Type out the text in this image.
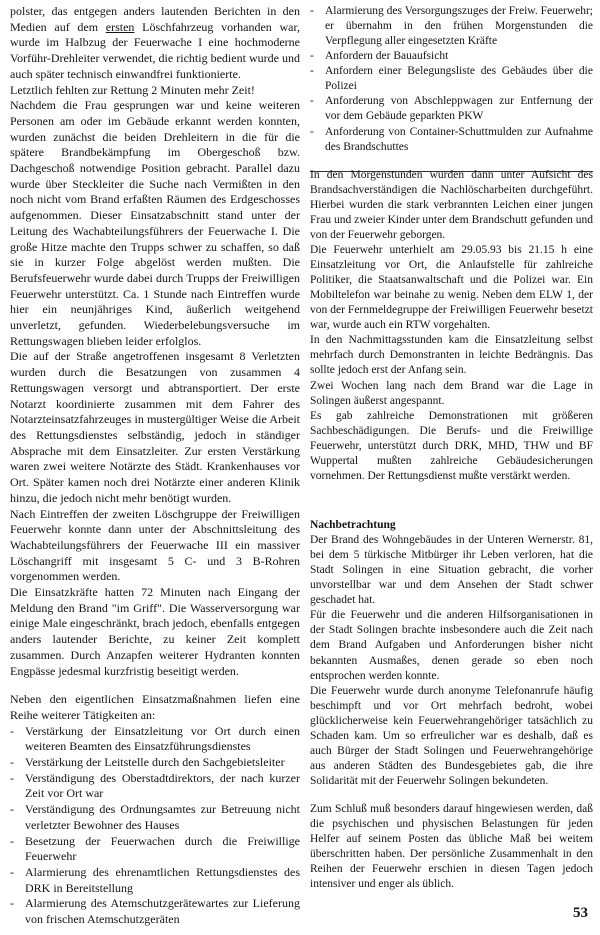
polster, das entgegen anders lautenden Berichten in den Medien auf dem ersten Löschfahrzeug vorhanden war, wurde im Halbzug der Feuerwache I eine hochmoderne Vorführ-Drehleiter verwendet, die richtig bedient wurde und auch später technisch einwandfrei funktionierte.

Letztlich fehlten zur Rettung 2 Minuten mehr Zeit!

Nachdem die Frau gesprungen war und keine weiteren Personen am oder im Gebäude erkannt werden konnten, wurden zunächst die beiden Drehleitern in die für die spätere Brandbekämpfung im Obergeschoß bzw. Dachgeschoß notwendige Position gebracht. Parallel dazu wurde über Steckleiter die Suche nach Vermißten in den noch nicht vom Brand erfaßten Räumen des Erdgeschosses aufgenommen. Dieser Einsatzabschnitt stand unter der Leitung des Wachabteilungsführers der Feuerwache I. Die große Hitze machte den Trupps schwer zu schaffen, so daß sie in kurzer Folge abgelöst werden mußten. Die Berufsfeuerwehr wurde dabei durch Trupps der Freiwilligen Feuerwehr unterstützt. Ca. 1 Stunde nach Eintreffen wurde hier ein neunjähriges Kind, äußerlich weitgehend unverletzt, gefunden. Wiederbelebungsversuche im Rettungswagen blieben leider erfolglos.

Die auf der Straße angetroffenen insgesamt 8 Verletzten wurden durch die Besatzungen von zusammen 4 Rettungswagen versorgt und abtransportiert. Der erste Notarzt koordinierte zusammen mit dem Fahrer des Notarzteinsatzfahrzeuges in mustergültiger Weise die Arbeit des Rettungsdienstes selbständig, jedoch in ständiger Absprache mit dem Einsatzleiter. Zur ersten Verstärkung waren zwei weitere Notärzte des Städt. Krankenhauses vor Ort. Später kamen noch drei Notärzte einer anderen Klinik hinzu, die jedoch nicht mehr benötigt wurden.

Nach Eintreffen der zweiten Löschgruppe der Freiwilligen Feuerwehr konnte dann unter der Abschnittsleitung des Wachabteilungsführers der Feuerwache III ein massiver Löschangriff mit insgesamt 5 C- und 3 B-Rohren vorgenommen werden.

Die Einsatzkräfte hatten 72 Minuten nach Eingang der Meldung den Brand "im Griff". Die Wasserversorgung war einige Male eingeschränkt, brach jedoch, ebenfalls entgegen anders lautender Berichte, zu keiner Zeit komplett zusammen. Durch Anzapfen weiterer Hydranten konnten Engpässe jedesmal kurzfristig beseitigt werden.

Neben den eigentlichen Einsatzmaßnahmen liefen eine Reihe weiterer Tätigkeiten an:

- Verstärkung der Einsatzleitung vor Ort durch einen weiteren Beamten des Einsatzführungsdienstes
- Verstärkung der Leitstelle durch den Sachgebietsleiter
- Verständigung des Oberstadtdirektors, der nach kurzer Zeit vor Ort war
- Verständigung des Ordnungsamtes zur Betreuung nicht verletzter Bewohner des Hauses
- Besetzung der Feuerwachen durch die Freiwillige Feuerwehr
- Alarmierung des ehrenamtlichen Rettungsdienstes des DRK in Bereitstellung
- Alarmierung des Atemschutzgerätewartes zur Lieferung von frischen Atemschutzgeräten
- Alarmierung des Versorgungszuges der Freiw. Feuerwehr; er übernahm in den frühen Morgenstunden die Verpflegung aller eingesetzten Kräfte
- Anfordern der Bauaufsicht
- Anfordern einer Belegungsliste des Gebäudes über die Polizei
- Anforderung von Abschleppwagen zur Entfernung der vor dem Gebäude geparkten PKW
- Anforderung von Container-Schuttmulden zur Aufnahme des Brandschuttes

In den Morgenstunden wurden dann unter Aufsicht des Brandsachverständigen die Nachlöscharbeiten durchgeführt. Hierbei wurden die stark verbrannten Leichen einer jungen Frau und zweier Kinder unter dem Brandschutt gefunden und von der Feuerwehr geborgen.

Die Feuerwehr unterhielt am 29.05.93 bis 21.15 h eine Einsatzleitung vor Ort, die Anlaufstelle für zahlreiche Politiker, die Staatsanwaltschaft und die Polizei war. Ein Mobiltelefon war beinahe zu wenig. Neben dem ELW 1, der von der Fernmeldegruppe der Freiwilligen Feuerwehr besetzt war, wurde auch ein RTW vorgehalten.

In den Nachmittagsstunden kam die Einsatzleitung selbst mehrfach durch Demonstranten in leichte Bedrängnis. Das sollte jedoch erst der Anfang sein.

Zwei Wochen lang nach dem Brand war die Lage in Solingen äußerst angespannt.

Es gab zahlreiche Demonstrationen mit größeren Sachbeschädigungen. Die Berufs- und die Freiwillige Feuerwehr, unterstützt durch DRK, MHD, THW und BF Wuppertal mußten zahlreiche Gebäudesicherungen vornehmen. Der Rettungsdienst mußte verstärkt werden.

Nachbetrachtung

Der Brand des Wohngebäudes in der Unteren Wernerstr. 81, bei dem 5 türkische Mitbürger ihr Leben verloren, hat die Stadt Solingen in eine Situation gebracht, die vorher unvorstellbar war und dem Ansehen der Stadt schwer geschadet hat.

Für die Feuerwehr und die anderen Hilfsorganisationen in der Stadt Solingen brachte insbesondere auch die Zeit nach dem Brand Aufgaben und Anforderungen bisher nicht bekannten Ausmaßes, denen gerade so eben noch entsprochen werden konnte.

Die Feuerwehr wurde durch anonyme Telefonanrufe häufig beschimpft und vor Ort mehrfach bedroht, wobei glücklicherweise kein Feuerwehrangehöriger tatsächlich zu Schaden kam. Um so erfreulicher war es deshalb, daß es auch Bürger der Stadt Solingen und Feuerwehrangehörige aus anderen Städten des Bundesgebietes gab, die ihre Solidarität mit der Feuerwehr Solingen bekundeten.

Zum Schluß muß besonders darauf hingewiesen werden, daß die psychischen und physischen Belastungen für jeden Helfer auf seinem Posten das übliche Maß bei weitem überschritten haben. Der persönliche Zusammenhalt in den Reihen der Feuerwehr erschien in diesen Tagen jedoch intensiver und enger als üblich.

53
